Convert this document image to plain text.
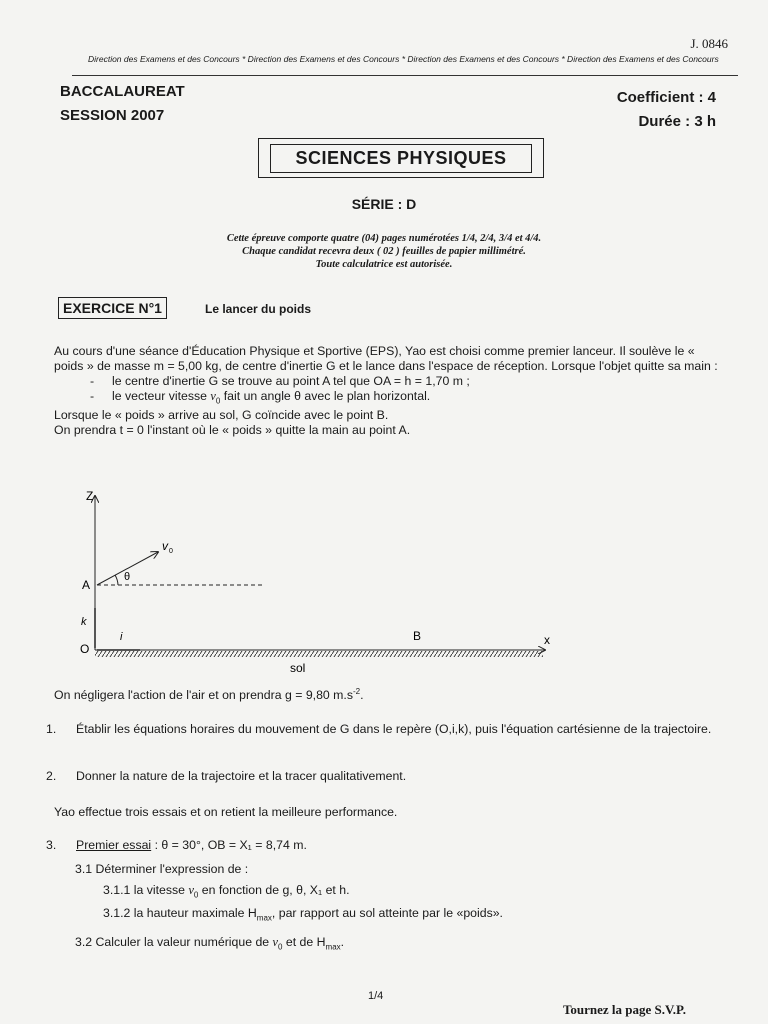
J. 0846
Direction des Examens et des Concours * Direction des Examens et des Concours * Direction des Examens et des Concours * Direction des Examens et des Concours
BACCALAUREAT
SESSION 2007
Coefficient : 4
Durée : 3 h
SCIENCES PHYSIQUES
SÉRIE : D
Cette épreuve comporte quatre (04) pages numérotées 1/4, 2/4, 3/4 et 4/4.
Chaque candidat recevra deux ( 02 ) feuilles de papier millimétré.
Toute calculatrice est autorisée.
EXERCICE N°1	Le lancer du poids

Au cours d'une séance d'Éducation Physique et Sportive (EPS), Yao est choisi comme premier lanceur. Il soulève le « poids » de masse m = 5,00 kg, de centre d'inertie G et le lance dans l'espace de réception. Lorsque l'objet quitte sa main :

- le centre d'inertie G se trouve au point A tel que OA = h = 1,70 m ;

- le vecteur vitesse $v_0$ fait un angle θ avec le plan horizontal.

Lorsque le « poids » arrive au sol, G coïncide avec le point B.

On prendra t = 0 l'instant où le « poids » quitte la main au point A.

Z
A
O
B	x
k
i
v 0
θ
sol
On négligera l'action de l'air et on prendra g = 9,80 $m.s^{-2}$.
1. Établir les équations horaires du mouvement de G dans le repère (O,i,k), puis l'équation cartésienne de la trajectoire.
2. Donner la nature de la trajectoire et la tracer qualitativement.
Yao effectue trois essais et on retient la meilleure performance.
3. Premier essai : θ = 30°, OB = X₁ = 8,74 m.
3.1 Déterminer l'expression de :
3.1.1 la vitesse $v_0$ en fonction de g, θ, X₁ et h.
3.1.2 la hauteur maximale $H_{max}$, par rapport au sol atteinte par le «poids».
3.2 Calculer la valeur numérique de $v_0$ et de $H_{max}$.
1/4
Tournez la page S.V.P.
